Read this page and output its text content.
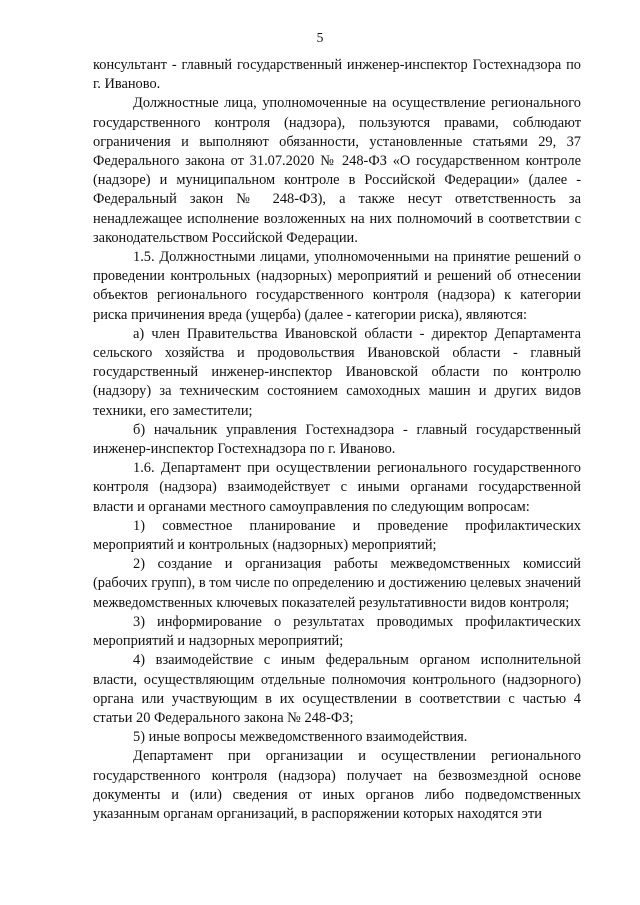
5

консультант - главный государственный инженер-инспектор Гостехнадзора по г. Иваново.

Должностные лица, уполномоченные на осуществление регионального государственного контроля (надзора), пользуются правами, соблюдают ограничения и выполняют обязанности, установленные статьями 29, 37 Федерального закона от 31.07.2020 № 248-ФЗ «О государственном контроле (надзоре) и муниципальном контроле в Российской Федерации» (далее - Федеральный закон № 248-ФЗ), а также несут ответственность за ненадлежащее исполнение возложенных на них полномочий в соответствии с законодательством Российской Федерации.

1.5. Должностными лицами, уполномоченными на принятие решений о проведении контрольных (надзорных) мероприятий и решений об отнесении объектов регионального государственного контроля (надзора) к категории риска причинения вреда (ущерба) (далее - категории риска), являются:

а) член Правительства Ивановской области - директор Департамента сельского хозяйства и продовольствия Ивановской области - главный государственный инженер-инспектор Ивановской области по контролю (надзору) за техническим состоянием самоходных машин и других видов техники, его заместители;

б) начальник управления Гостехнадзора - главный государственный инженер-инспектор Гостехнадзора по г. Иваново.

1.6. Департамент при осуществлении регионального государственного контроля (надзора) взаимодействует с иными органами государственной власти и органами местного самоуправления по следующим вопросам:

1) совместное планирование и проведение профилактических мероприятий и контрольных (надзорных) мероприятий;

2) создание и организация работы межведомственных комиссий (рабочих групп), в том числе по определению и достижению целевых значений межведомственных ключевых показателей результативности видов контроля;

3) информирование о результатах проводимых профилактических мероприятий и надзорных мероприятий;

4) взаимодействие с иным федеральным органом исполнительной власти, осуществляющим отдельные полномочия контрольного (надзорного) органа или участвующим в их осуществлении в соответствии с частью 4 статьи 20 Федерального закона № 248-ФЗ;

5) иные вопросы межведомственного взаимодействия.

Департамент при организации и осуществлении регионального государственного контроля (надзора) получает на безвозмездной основе документы и (или) сведения от иных органов либо подведомственных указанным органам организаций, в распоряжении которых находятся эти
